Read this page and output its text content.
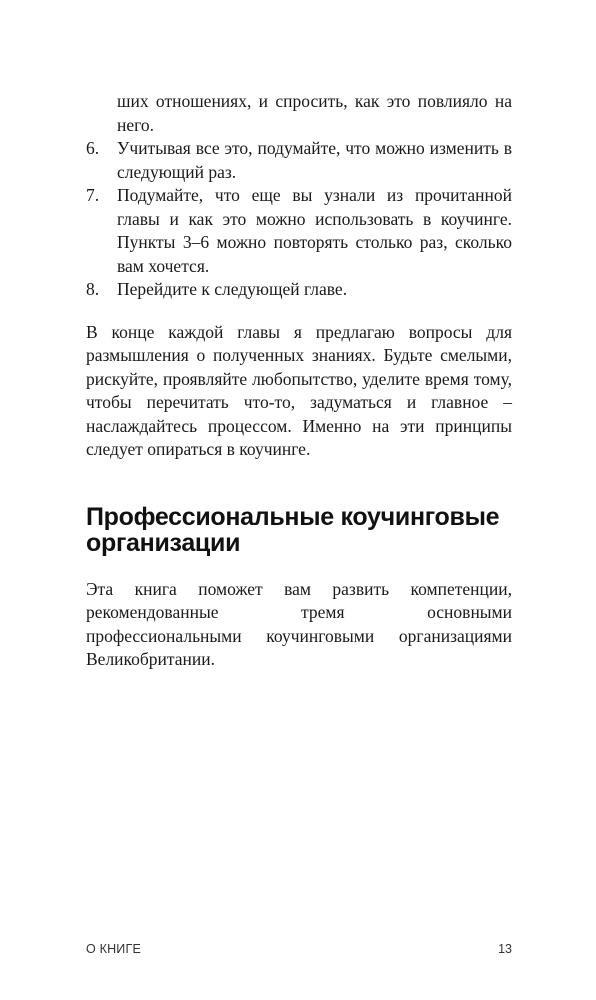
ших отношениях, и спросить, как это повлияло на него.
6. Учитывая все это, подумайте, что можно изменить в следующий раз.
7. Подумайте, что еще вы узнали из прочитанной главы и как это можно использовать в коучинге. Пункты 3–6 можно повторять столько раз, сколько вам хочется.
8. Перейдите к следующей главе.

В конце каждой главы я предлагаю вопросы для размышления о полученных знаниях. Будьте смелыми, рискуйте, проявляйте любопытство, уделите время тому, чтобы перечитать что-то, задуматься и главное – наслаждайтесь процессом. Именно на эти принципы следует опираться в коучинге.

Профессиональные коучинговые организации

Эта книга поможет вам развить компетенции, рекомендованные тремя основными профессиональными коучинговыми организациями Великобритании.

О КНИГЕ	13
